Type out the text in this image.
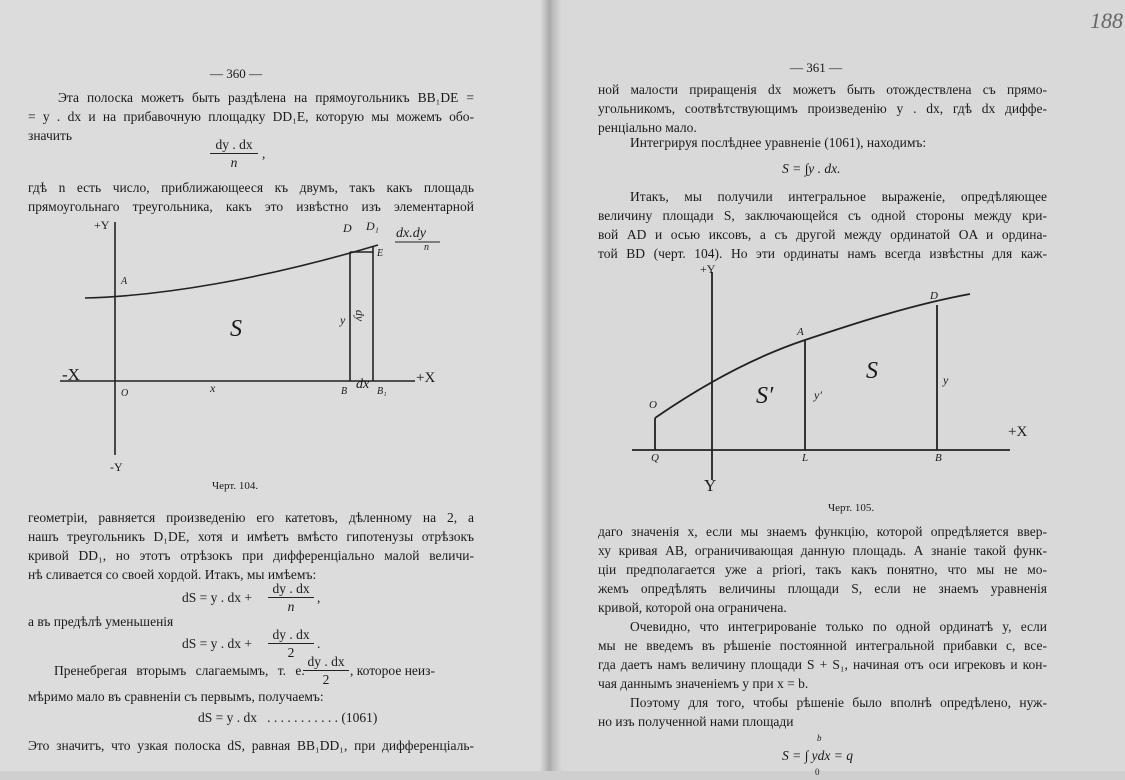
— 360 —
Эта полоска можетъ быть раздѣлена на прямоугольникъ BB₁DE =
= y . dx и на прибавочную площадку DD₁E, которую мы можемъ обо-
значить
dy . dx
n
,
гдѣ n есть число, приближающееся къ двумъ, такъ какъ площадь
прямоугольнаго треугольника, какъ это извѣстно изъ элементарной
+Y
A
S	y dy
D D₁
E
dx.dy
n
-X	+X
O	x	B dx B₁
-Y
Черт. 104.
геометріи, равняется произведенію его катетовъ, дѣленному на 2, а
нашъ треугольникъ D₁DE, хотя и имѣетъ вмѣсто гипотенузы отрѣзокъ
кривой DD₁, но этотъ отрѣзокъ при дифференціально малой величи-
нѣ сливается со своей хордой. Итакъ, мы имѣемъ:
dS = y . dx +
dy . dx
n
,
а въ предѣлѣ уменьшенія
dS = y . dx +
dy . dx
2
.
Пренебрегая вторымъ слагаемымъ, т. е.
dy . dx
2
, которое неиз-
мѣримо мало въ сравненіи съ первымъ, получаемъ:
dS = y . dx   . . . . . . . . . . . (1061)
Это значитъ, что узкая полоска dS, равная BB₁DD₁, при дифференціаль-
188
— 361 —
ной малости приращенія dx можетъ быть отождествлена съ прямо-
угольникомъ, соотвѣтствующимъ произведенію y . dx, гдѣ dx диффе-
ренціально мало.
Интегрируя послѣднее уравненіе (1061), находимъ:
S = ∫y . dx.
Итакъ, мы получили интегральное выраженіе, опредѣляющее
величину площади S, заключающейся съ одной стороны между кри-
вой AD и осью иксовъ, а съ другой между ординатой OA и ордина-
той BD (черт. 104). Но эти ординаты намъ всегда извѣстны для каж-
+Y
O
Q
S′	y′
A
S
D
y
L	B
+X
Y
Черт. 105.
даго значенія x, если мы знаемъ функцію, которой опредѣляется ввер-
ху кривая AB, ограничивающая данную площадь. А знаніе такой функ-
ціи предполагается уже a priori, такъ какъ понятно, что мы не мо-
жемъ опредѣлять величины площади S, если не знаемъ уравненія
кривой, которой она ограничена.
Очевидно, что интегрированіе только по одной ординатѣ y, если
мы не введемъ въ рѣшеніе постоянной интегральной прибавки c, все-
гда даетъ намъ величину площади S + S₁, начиная отъ оси игрековъ и кон-
чая даннымъ значеніемъ y при x = b.
Поэтому для того, чтобы рѣшеніе было вполнѣ опредѣлено, нуж-
но изъ полученной нами площади
S = ∫ ydx = q
b
0
